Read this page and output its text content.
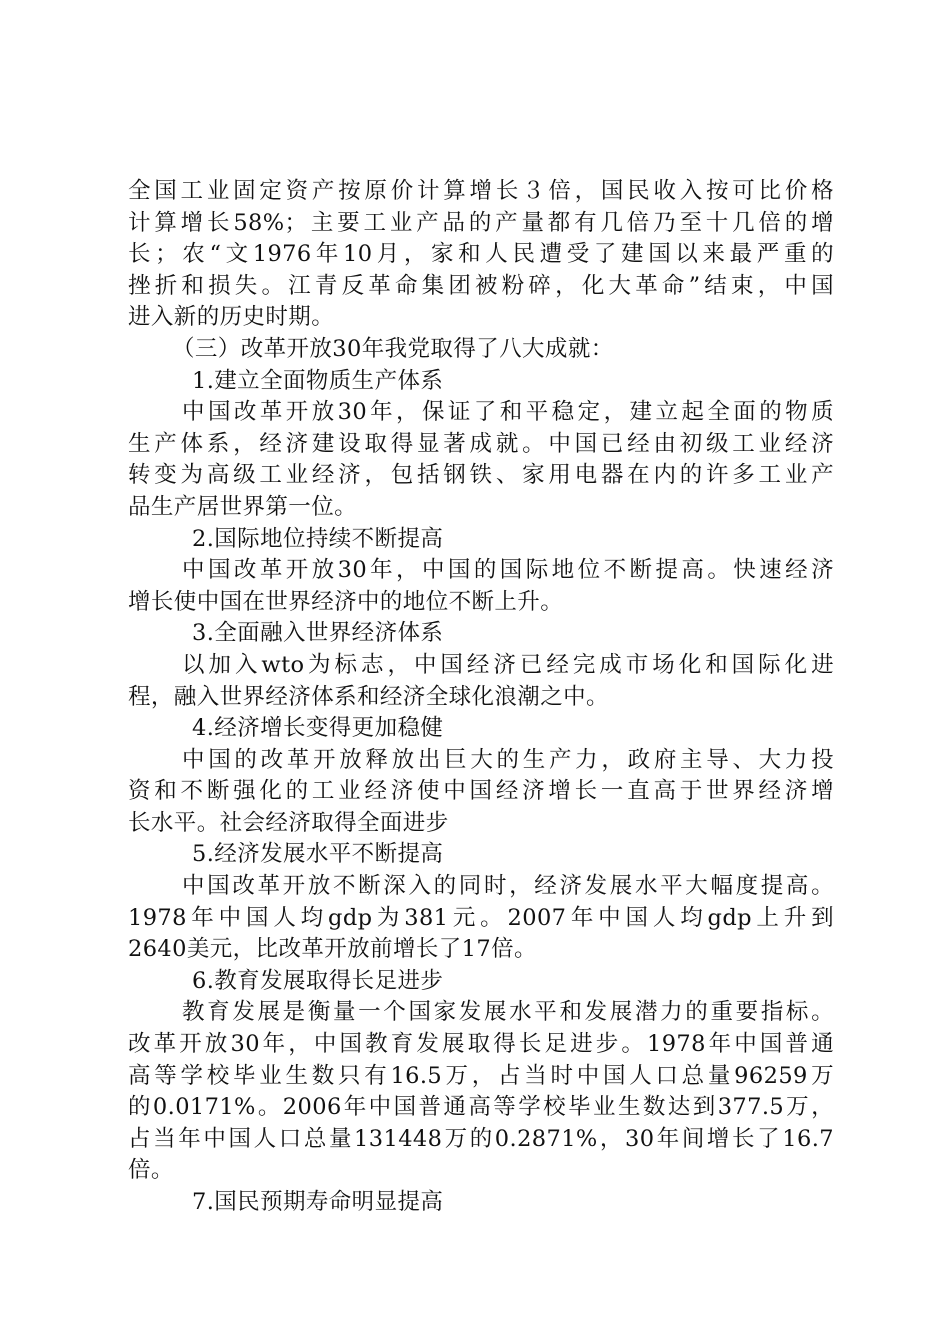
全国工业固定资产按原价计算增长３倍，国民收入按可比价格
计算增长58%；主要工业产品的产量都有几倍乃至十几倍的增
长；农“文1976年10月，家和人民遭受了建国以来最严重的
挫折和损失。江青反革命集团被粉碎，化大革命”结束，中国
进入新的历史时期。
（三）改革开放30年我党取得了八大成就：
1.建立全面物质生产体系
中国改革开放30年，保证了和平稳定，建立起全面的物质
生产体系，经济建设取得显著成就。中国已经由初级工业经济
转变为高级工业经济，包括钢铁、家用电器在内的许多工业产
品生产居世界第一位。
2.国际地位持续不断提高
中国改革开放30年，中国的国际地位不断提高。快速经济
增长使中国在世界经济中的地位不断上升。
3.全面融入世界经济体系
以加入wto为标志，中国经济已经完成市场化和国际化进
程，融入世界经济体系和经济全球化浪潮之中。
4.经济增长变得更加稳健
中国的改革开放释放出巨大的生产力，政府主导、大力投
资和不断强化的工业经济使中国经济增长一直高于世界经济增
长水平。社会经济取得全面进步
5.经济发展水平不断提高
中国改革开放不断深入的同时，经济发展水平大幅度提高。
1978年中国人均gdp为381元。2007年中国人均gdp上升到
2640美元，比改革开放前增长了17倍。
6.教育发展取得长足进步
教育发展是衡量一个国家发展水平和发展潜力的重要指标。
改革开放30年，中国教育发展取得长足进步。1978年中国普通
高等学校毕业生数只有16.5万，占当时中国人口总量96259万
的0.0171%。2006年中国普通高等学校毕业生数达到377.5万，
占当年中国人口总量131448万的0.2871%，30年间增长了16.7
倍。
7.国民预期寿命明显提高
